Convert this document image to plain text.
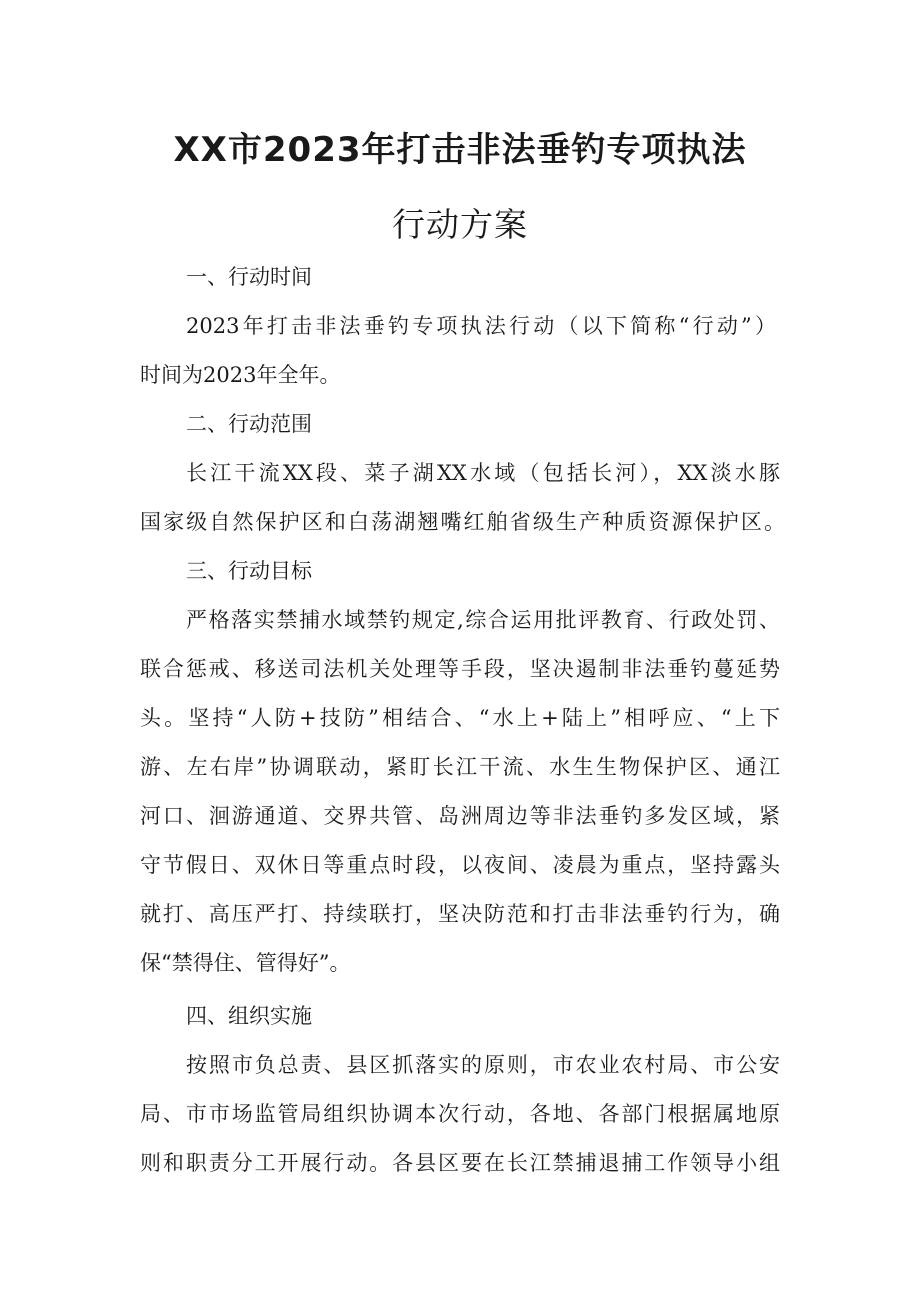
XX市2023年打击非法垂钓专项执法
行动方案

一、行动时间

2023年打击非法垂钓专项执法行动（以下简称“行动”）

时间为2023年全年。

二、行动范围

长江干流XX段、菜子湖XX水域（包括长河），XX淡水豚

国家级自然保护区和白荡湖翘嘴红舶省级生产种质资源保护区。

三、行动目标

严格落实禁捕水域禁钓规定,综合运用批评教育、行政处罚、

联合惩戒、移送司法机关处理等手段，坚决遏制非法垂钓蔓延势

头。坚持“人防+技防”相结合、“水上+陆上”相呼应、“上下

游、左右岸”协调联动，紧盯长江干流、水生生物保护区、通江

河口、洄游通道、交界共管、岛洲周边等非法垂钓多发区域，紧

守节假日、双休日等重点时段，以夜间、凌晨为重点，坚持露头

就打、高压严打、持续联打，坚决防范和打击非法垂钓行为，确

保“禁得住、管得好”。

四、组织实施

按照市负总责、县区抓落实的原则，市农业农村局、市公安

局、市市场监管局组织协调本次行动，各地、各部门根据属地原

则和职责分工开展行动。各县区要在长江禁捕退捕工作领导小组
